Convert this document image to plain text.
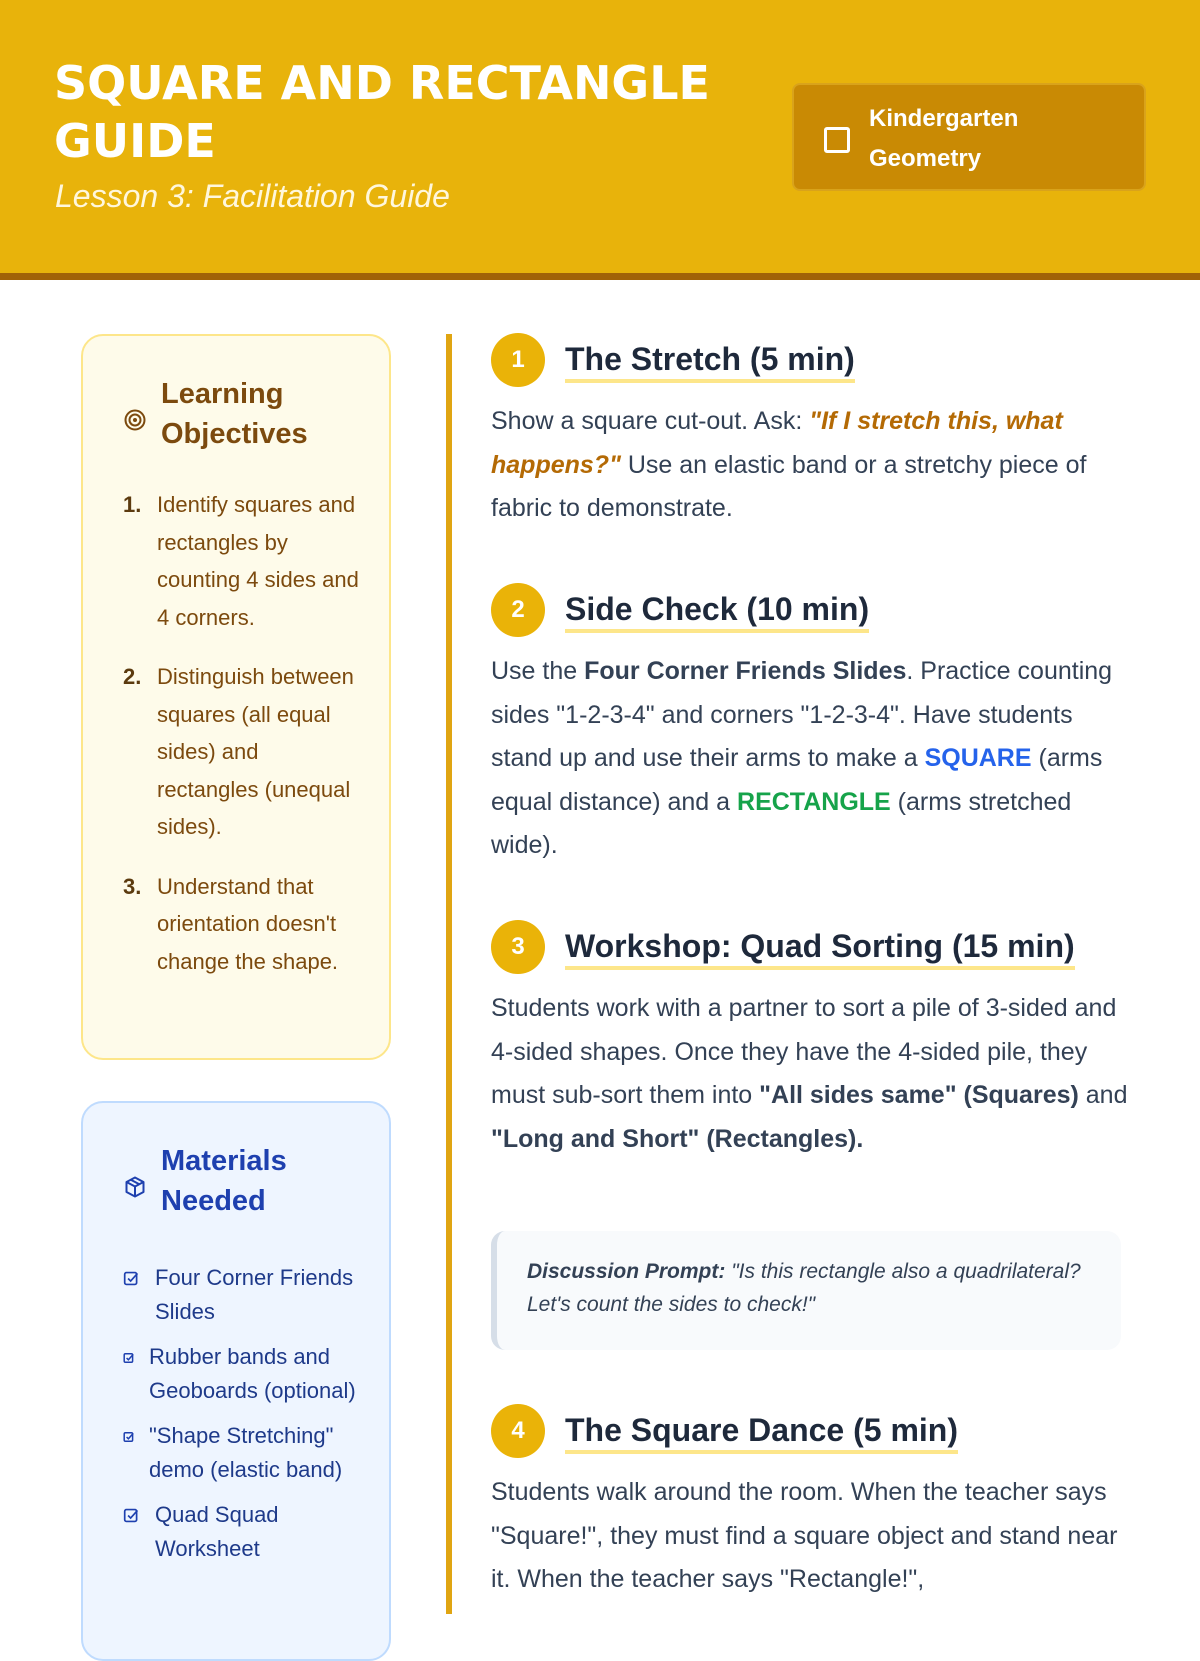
SQUARE AND RECTANGLE GUIDE
Lesson 3: Facilitation Guide
Kindergarten Geometry
Learning Objectives
1. Identify squares and rectangles by counting 4 sides and 4 corners.
2. Distinguish between squares (all equal sides) and rectangles (unequal sides).
3. Understand that orientation doesn't change the shape.
Materials Needed
Four Corner Friends Slides
Rubber bands and Geoboards (optional)
"Shape Stretching" demo (elastic band)
Quad Squad Worksheet
1	The Stretch (5 min)
Show a square cut-out. Ask: "If I stretch this, what happens?" Use an elastic band or a stretchy piece of fabric to demonstrate.
2	Side Check (10 min)
Use the Four Corner Friends Slides. Practice counting sides "1-2-3-4" and corners "1-2-3-4". Have students stand up and use their arms to make a SQUARE (arms equal distance) and a RECTANGLE (arms stretched wide).
3	Workshop: Quad Sorting (15 min)
Students work with a partner to sort a pile of 3-sided and 4-sided shapes. Once they have the 4-sided pile, they must sub-sort them into "All sides same" (Squares) and "Long and Short" (Rectangles).
Discussion Prompt: "Is this rectangle also a quadrilateral? Let's count the sides to check!"
4	The Square Dance (5 min)
Students walk around the room. When the teacher says "Square!", they must find a square object and stand near it. When the teacher says "Rectangle!",
